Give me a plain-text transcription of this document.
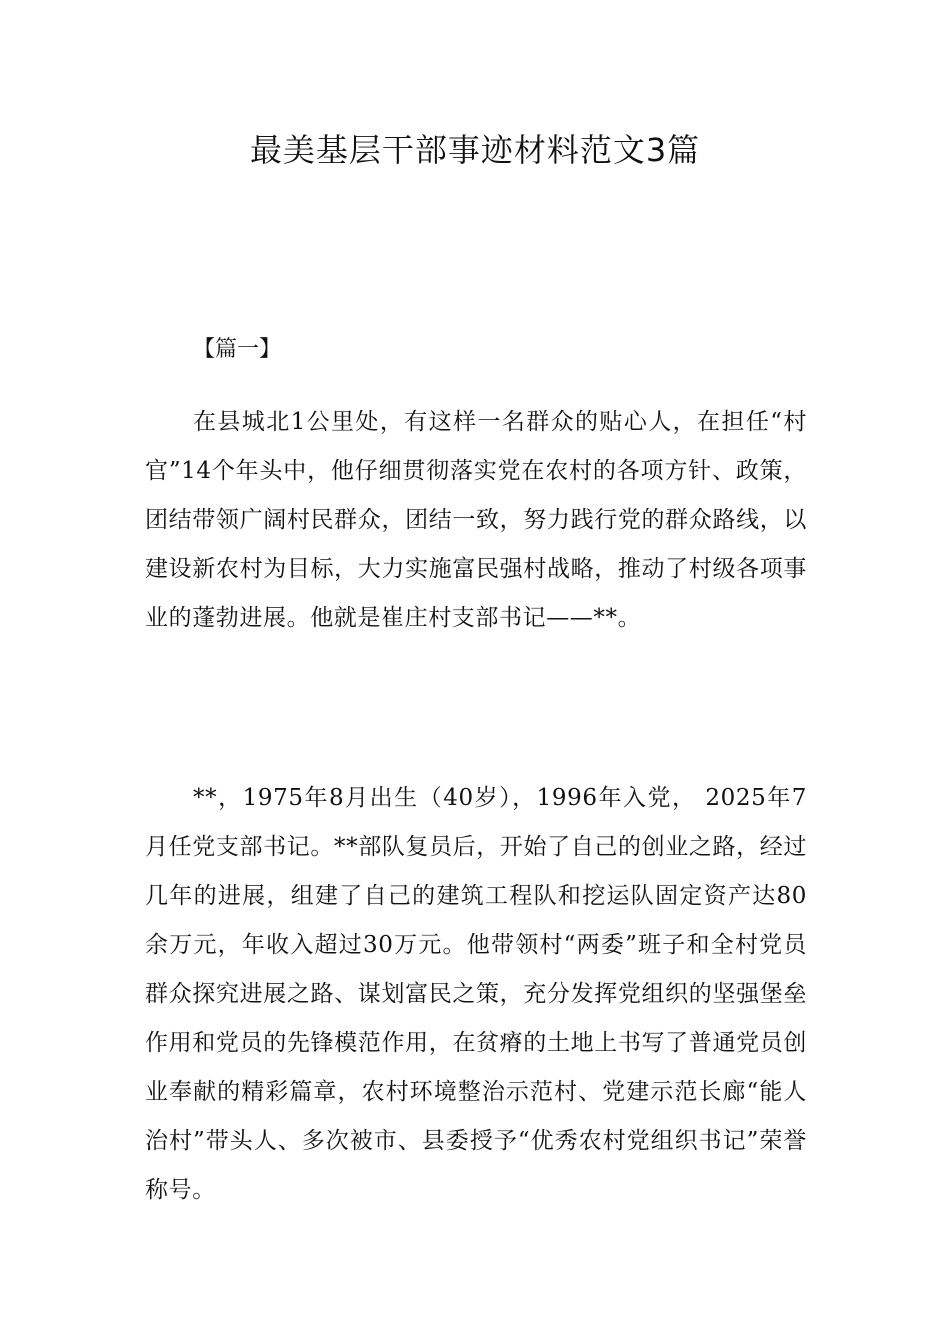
最美基层干部事迹材料范文3篇

【篇一】

在县城北1公里处，有这样一名群众的贴心人，在担任“村官”14个年头中，他仔细贯彻落实党在农村的各项方针、政策，团结带领广阔村民群众，团结一致，努力践行党的群众路线，以建设新农村为目标，大力实施富民强村战略，推动了村级各项事业的蓬勃进展。他就是崔庄村支部书记——**。

**，1975年8月出生（40岁），1996年入党， 2025年7月任党支部书记。**部队复员后，开始了自己的创业之路，经过几年的进展，组建了自己的建筑工程队和挖运队固定资产达80余万元，年收入超过30万元。他带领村“两委”班子和全村党员群众探究进展之路、谋划富民之策，充分发挥党组织的坚强堡垒作用和党员的先锋模范作用，在贫瘠的土地上书写了普通党员创业奉献的精彩篇章，农村环境整治示范村、党建示范长廊“能人治村”带头人、多次被市、县委授予“优秀农村党组织书记”荣誉称号。
